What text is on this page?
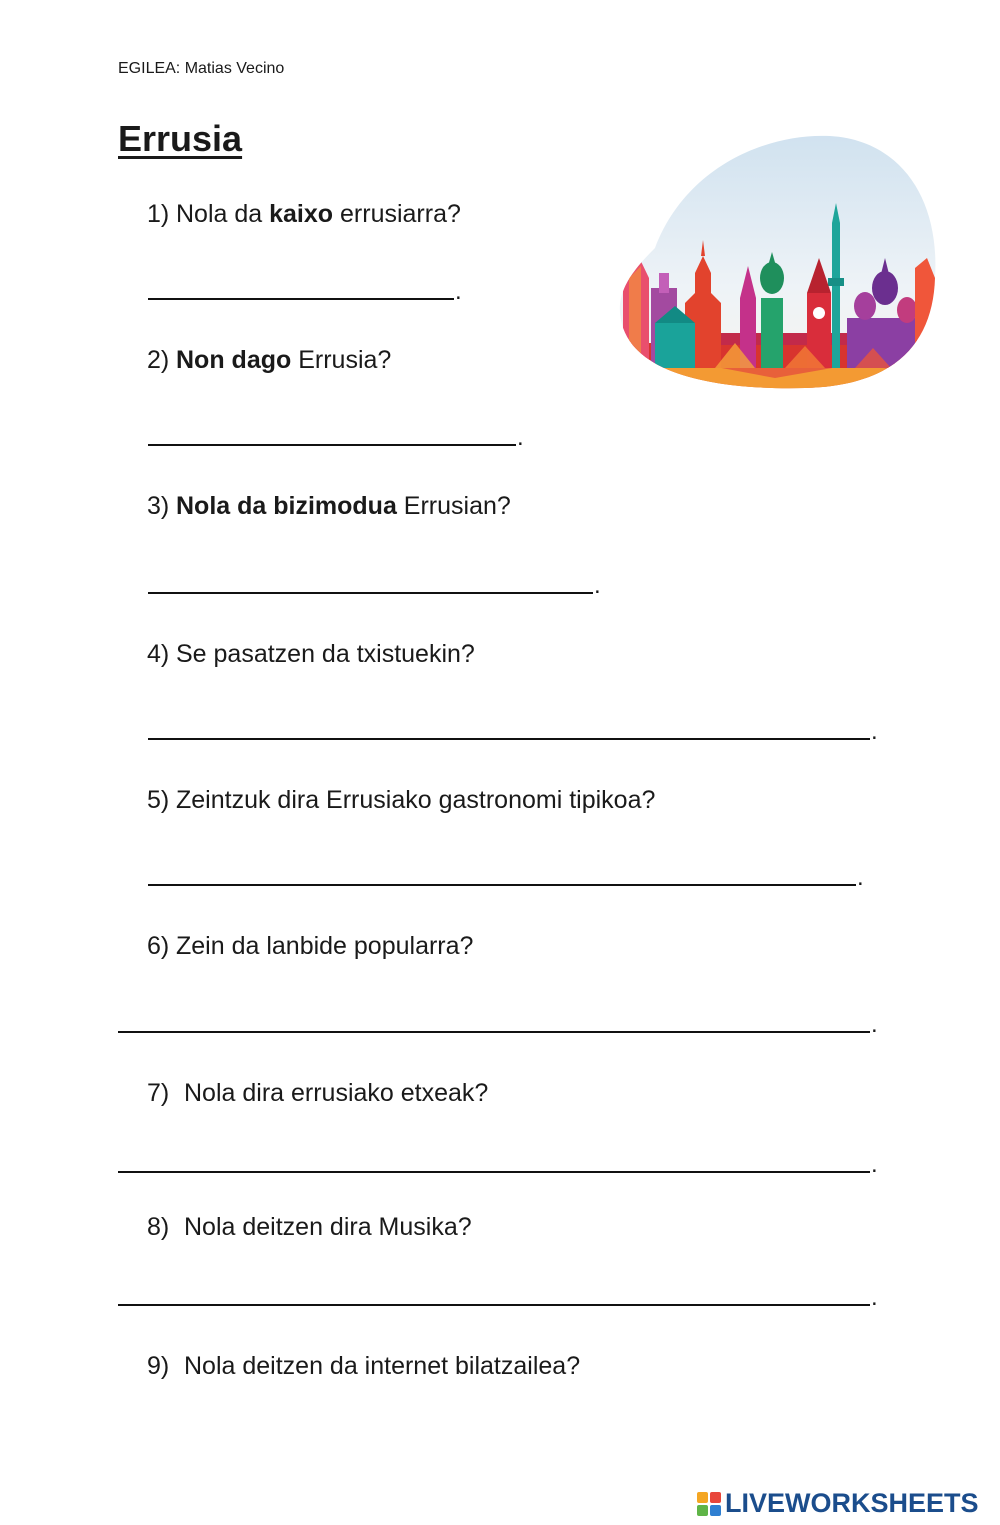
EGILEA: Matias Vecino
Errusia
1) Nola da kaixo errusiarra?
.
2) Non dago Errusia?
.
3) Nola da bizimodua Errusian?
.
4) Se pasatzen da txistuekin?
.
5) Zeintzuk dira Errusiako gastronomi tipikoa?
.
6) Zein da lanbide popularra?
.
7) Nola dira errusiako etxeak?
.
8) Nola deitzen dira Musika?
.
9) Nola deitzen da internet bilatzailea?
LIVEWORKSHEETS
